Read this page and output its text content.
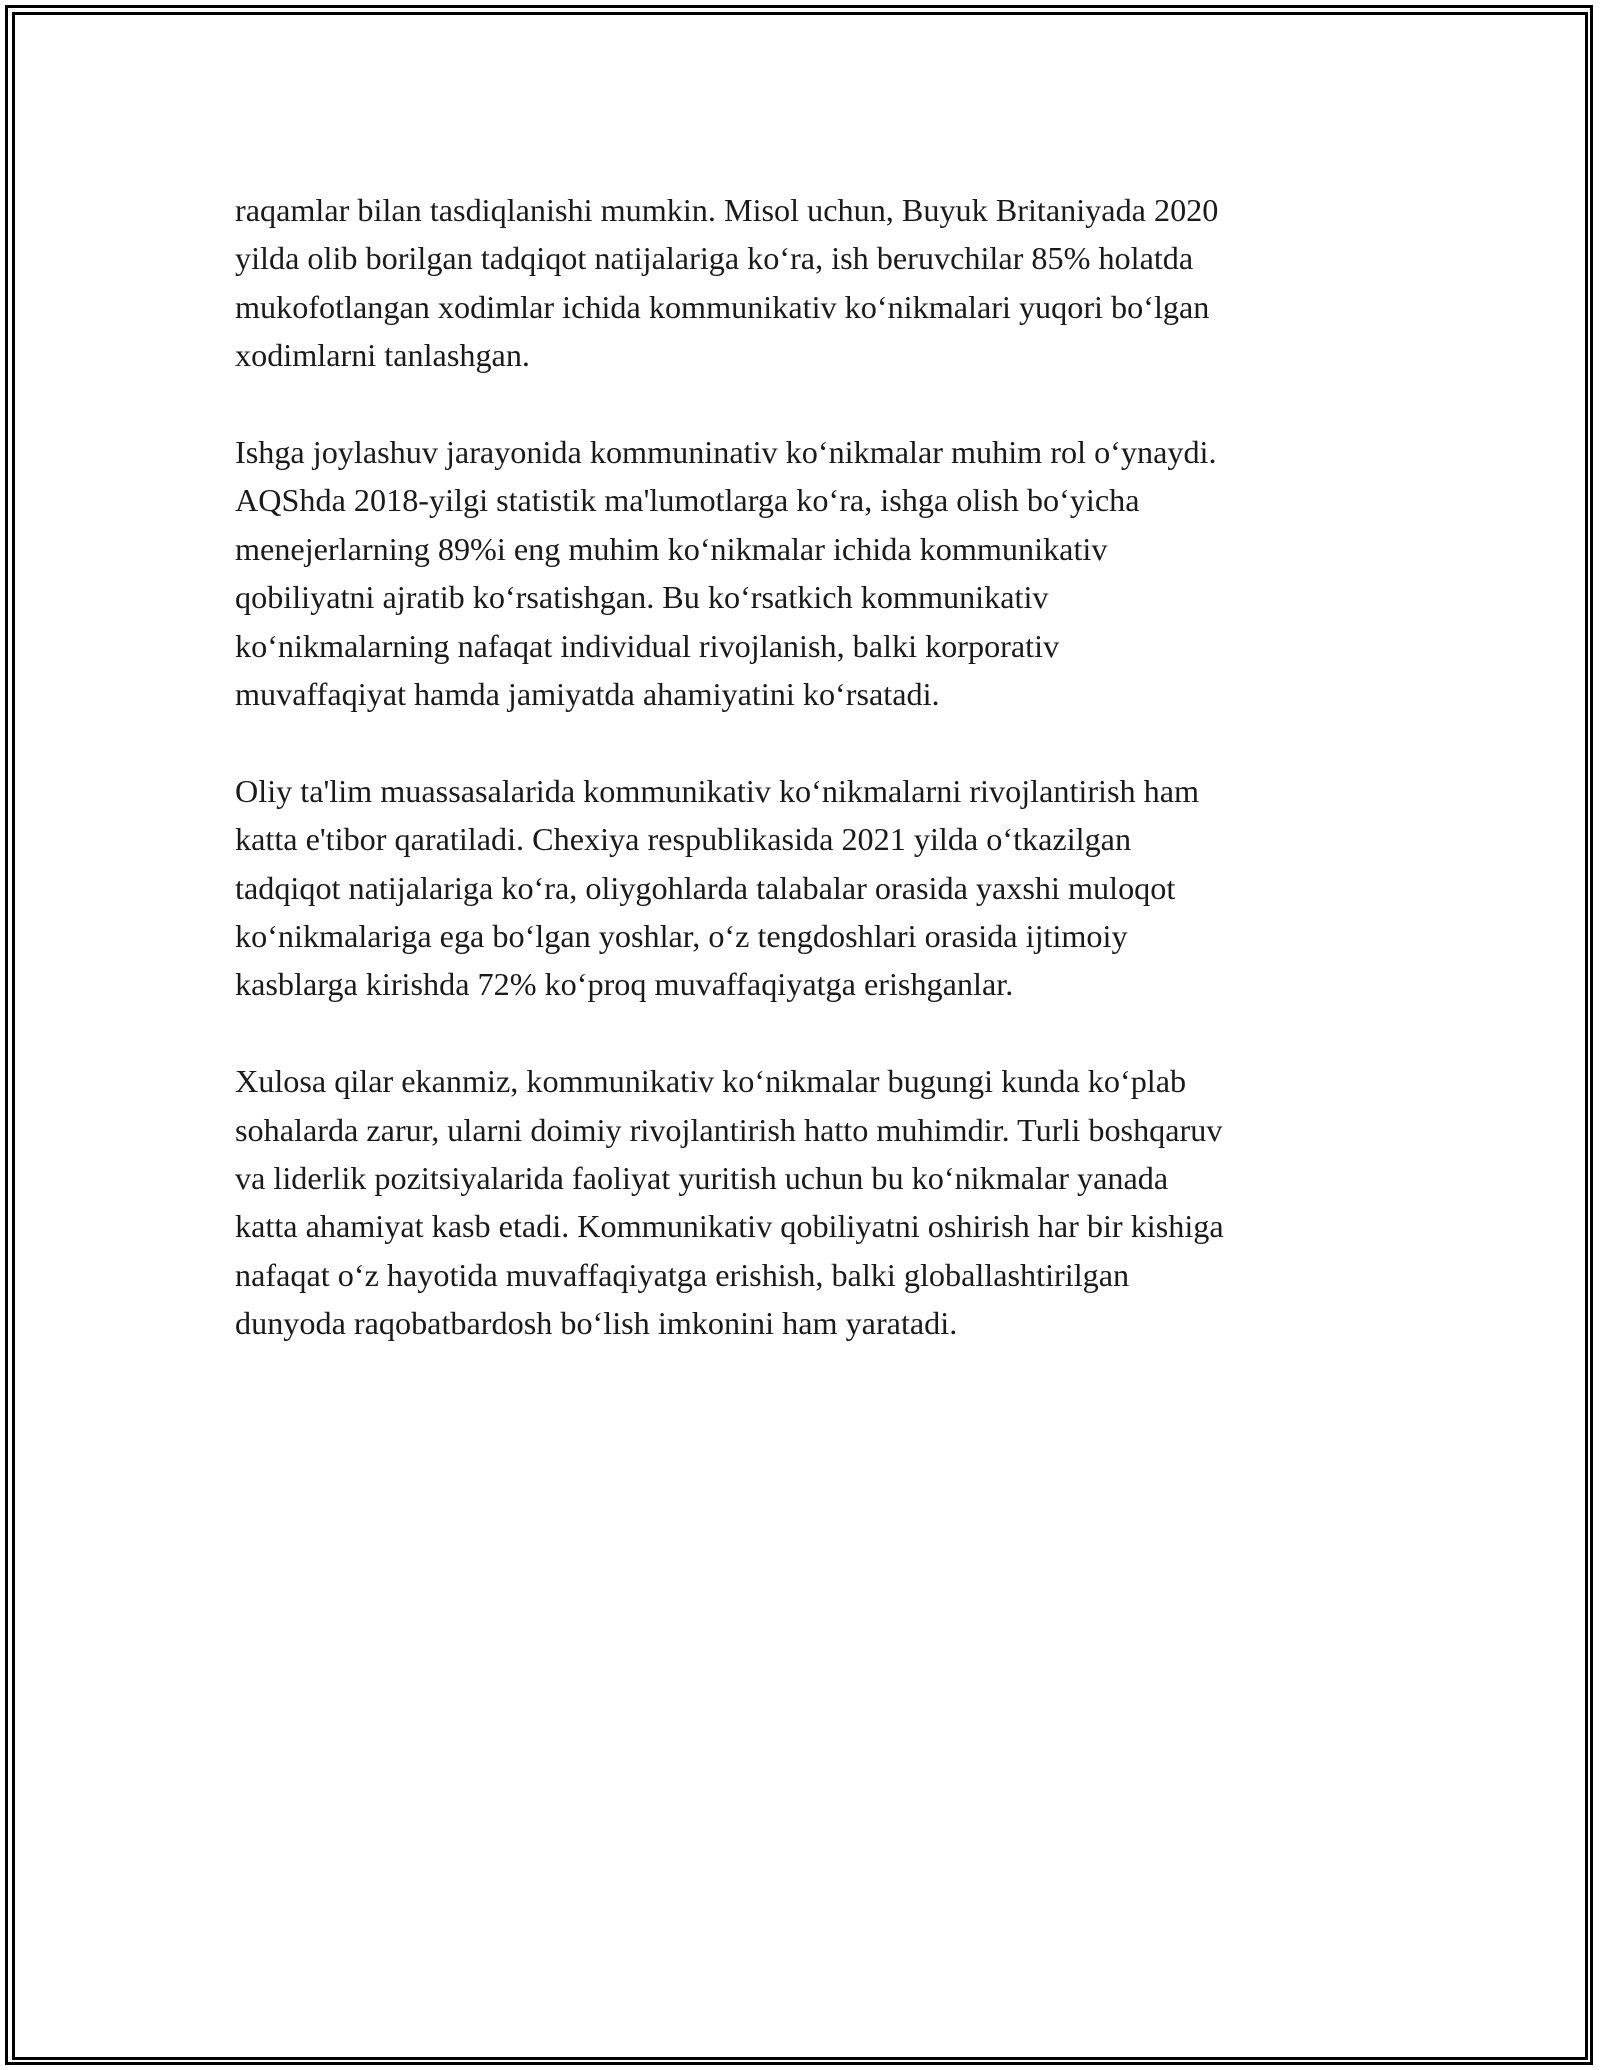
raqamlar bilan tasdiqlanishi mumkin. Misol uchun, Buyuk Britaniyada 2020
yilda olib borilgan tadqiqot natijalariga ko‘ra, ish beruvchilar 85% holatda
mukofotlangan xodimlar ichida kommunikativ ko‘nikmalari yuqori bo‘lgan
xodimlarni tanlashgan.

Ishga joylashuv jarayonida kommuninativ ko‘nikmalar muhim rol o‘ynaydi.
AQShda 2018-yilgi statistik ma'lumotlarga ko‘ra, ishga olish bo‘yicha
menejerlarning 89%i eng muhim ko‘nikmalar ichida kommunikativ
qobiliyatni ajratib ko‘rsatishgan. Bu ko‘rsatkich kommunikativ
ko‘nikmalarning nafaqat individual rivojlanish, balki korporativ
muvaffaqiyat hamda jamiyatda ahamiyatini ko‘rsatadi.

Oliy ta'lim muassasalarida kommunikativ ko‘nikmalarni rivojlantirish ham
katta e'tibor qaratiladi. Chexiya respublikasida 2021 yilda o‘tkazilgan
tadqiqot natijalariga ko‘ra, oliygohlarda talabalar orasida yaxshi muloqot
ko‘nikmalariga ega bo‘lgan yoshlar, o‘z tengdoshlari orasida ijtimoiy
kasblarga kirishda 72% ko‘proq muvaffaqiyatga erishganlar.

Xulosa qilar ekanmiz, kommunikativ ko‘nikmalar bugungi kunda ko‘plab
sohalarda zarur, ularni doimiy rivojlantirish hatto muhimdir. Turli boshqaruv
va liderlik pozitsiyalarida faoliyat yuritish uchun bu ko‘nikmalar yanada
katta ahamiyat kasb etadi. Kommunikativ qobiliyatni oshirish har bir kishiga
nafaqat o‘z hayotida muvaffaqiyatga erishish, balki globallashtirilgan
dunyoda raqobatbardosh bo‘lish imkonini ham yaratadi.
